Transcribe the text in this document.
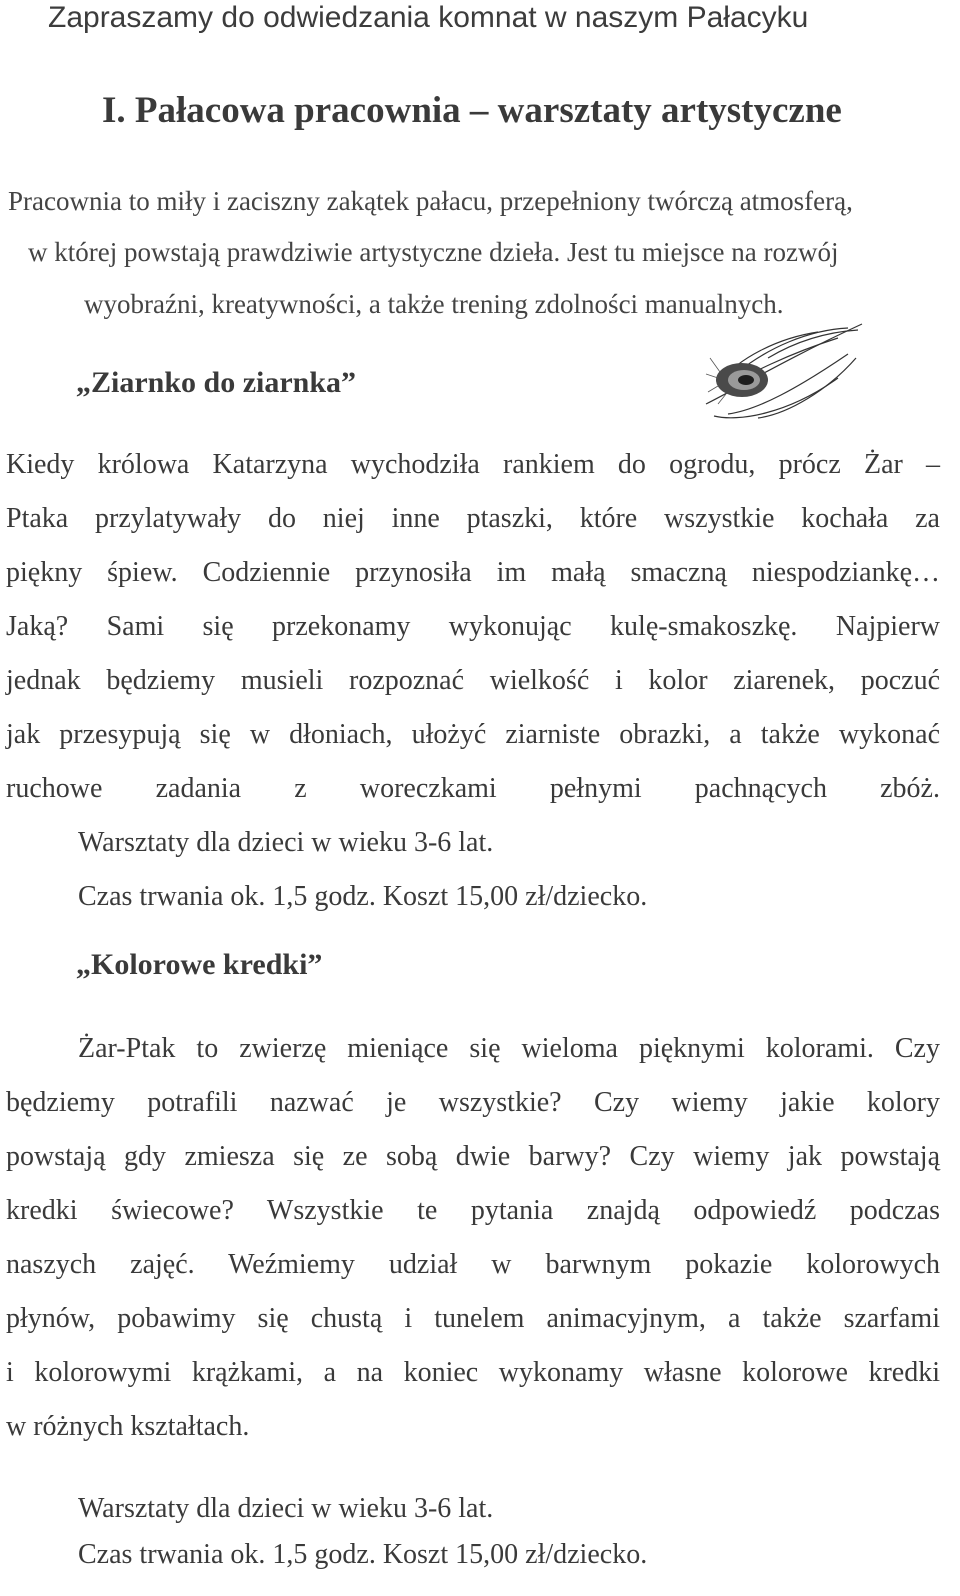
Zapraszamy do odwiedzania komnat w naszym Pałacyku
I. Pałacowa pracownia – warsztaty artystyczne
Pracownia to miły i zaciszny zakątek pałacu, przepełniony twórczą atmosferą,
w której powstają prawdziwie artystyczne dzieła. Jest tu miejsce na rozwój
wyobraźni, kreatywności, a także trening zdolności manualnych.
„Ziarnko do ziarnka”
Kiedy królowa Katarzyna wychodziła rankiem do ogrodu, prócz Żar –
Ptaka przylatywały do niej inne ptaszki, które wszystkie kochała za
piękny śpiew. Codziennie przynosiła im małą smaczną niespodziankę…
Jaką? Sami się przekonamy wykonując kulę-smakoszkę. Najpierw
jednak będziemy musieli rozpoznać wielkość i kolor ziarenek, poczuć
jak przesypują się w dłoniach, ułożyć ziarniste obrazki, a także wykonać
ruchowe zadania z woreczkami pełnymi pachnących zbóż.
Warsztaty dla dzieci w wieku 3-6 lat.
Czas trwania ok. 1,5 godz. Koszt 15,00 zł/dziecko.
„Kolorowe kredki”
Żar-Ptak to zwierzę mieniące się wieloma pięknymi kolorami. Czy
będziemy potrafili nazwać je wszystkie? Czy wiemy jakie kolory
powstają gdy zmiesza się ze sobą dwie barwy? Czy wiemy jak powstają
kredki świecowe? Wszystkie te pytania znajdą odpowiedź podczas
naszych zajęć. Weźmiemy udział w barwnym pokazie kolorowych
płynów, pobawimy się chustą i tunelem animacyjnym, a także szarfami
i kolorowymi krążkami, a na koniec wykonamy własne kolorowe kredki
w różnych kształtach.
Warsztaty dla dzieci w wieku 3-6 lat.
Czas trwania ok. 1,5 godz. Koszt 15,00 zł/dziecko.
